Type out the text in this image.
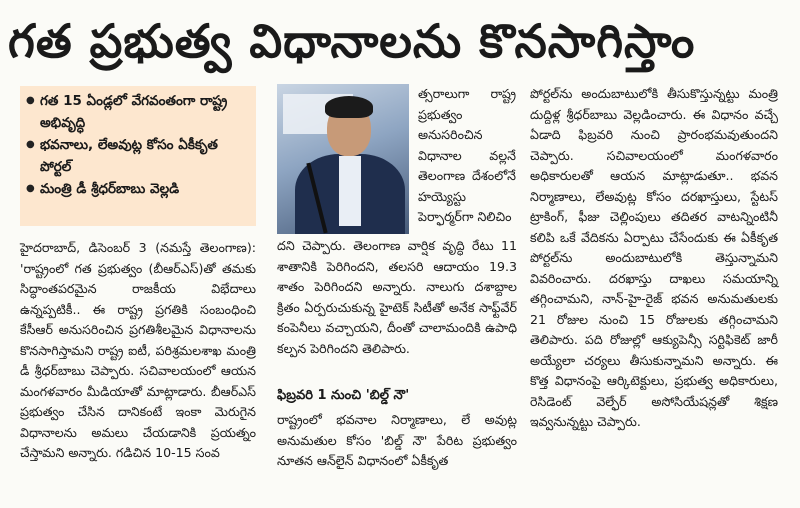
గత ప్రభుత్వ విధానాలను కొనసాగిస్తాం
● గత 15 ఏండ్లలో వేగవంతంగా రాష్ట్ర అభివృద్ధి
● భవనాలు, లేఅవుట్ల కోసం ఏకీకృత పోర్టల్
● మంత్రి డీ శ్రీధర్‌బాబు వెల్లడి

హైదరాబాద్, డిసెంబర్ 3 (నమస్తే తెలంగాణ): 'రాష్ట్రంలో గత ప్రభుత్వం (బీఆర్ఎస్)తో తమకు సిద్ధాంతపరమైన రాజకీయ విభేదాలు ఉన్నప్పటికీ.. ఈ రాష్ట్ర ప్రగతికి సంబంధించి కేసీఆర్ అనుసరించిన ప్రగతిశీలమైన విధానాలను కొనసాగిస్తామని రాష్ట్ర ఐటీ, పరిశ్రమలశాఖ మంత్రి డీ శ్రీధర్‌బాబు చెప్పారు. సచివాలయంలో ఆయన మంగళవారం మీడియాతో మాట్లాడారు. బీఆర్ఎస్ ప్రభుత్వం చేసిన దానికంటే ఇంకా మెరుగైన విధానాలను అమలు చేయడానికి ప్రయత్నం చేస్తామని అన్నారు. గడిచిన 10-15 సంవ

త్సరాలుగా రాష్ట్ర ప్రభుత్వం అనుసరించిన విధానాల వల్లనే తెలంగాణ దేశంలోనే హయ్యెస్టు పెర్ఫార్మర్‌గా నిలిచిం

దని చెప్పారు. తెలంగాణ వార్షిక వృద్ధి రేటు 11 శాతానికి పెరిగిందని, తలసరి ఆదాయం 19.3 శాతం పెరిగిందని అన్నారు. నాలుగు దశాబ్దాల క్రితం ఏర్పరుచుకున్న హైటెక్ సిటీతో అనేక సాఫ్ట్‌వేర్ కంపెనీలు వచ్చాయని, దీంతో చాలామందికి ఉపాధి కల్పన పెరిగిందని తెలిపారు.

ఫిబ్రవరి 1 నుంచి 'బిల్డ్ నౌ'

రాష్ట్రంలో భవనాల నిర్మాణాలు, లే అవుట్ల అనుమతుల కోసం 'బిల్డ్ నౌ' పేరిట ప్రభుత్వం నూతన ఆన్‌లైన్ విధానంలో ఏకీకృత

పోర్టల్‌ను అందుబాటులోకి తీసుకొస్తున్నట్టు మంత్రి దుద్దిళ్ల శ్రీధర్‌బాబు వెల్లడించారు. ఈ విధానం వచ్చే ఏడాది ఫిబ్రవరి నుంచి ప్రారంభమవుతుందని చెప్పారు. సచివాలయంలో మంగళవారం అధికారులతో ఆయన మాట్లాడుతూ.. భవన నిర్మాణాలు, లేఅవుట్ల కోసం దరఖాస్తులు, స్టేటస్ ట్రాకింగ్, ఫీజు చెల్లింపులు తదితర వాటన్నింటినీ కలిపి ఒకే వేదికను ఏర్పాటు చేసేందుకు ఈ ఏకీకృత పోర్టల్‌ను అందుబాటులోకి తెస్తున్నామని వివరించారు. దరఖాస్తు దాఖలు సమయాన్ని తగ్గించామని, నాన్-హై-రైజ్ భవన అనుమతులకు 21 రోజుల నుంచి 15 రోజులకు తగ్గించామని తెలిపారు. పది రోజుల్లో ఆక్యుపెన్సీ సర్టిఫికెట్ జారీ అయ్యేలా చర్యలు తీసుకున్నామని అన్నారు. ఈ కొత్త విధానంపై ఆర్కిటెక్టులు, ప్రభుత్వ అధికారులు, రెసిడెంట్ వెల్ఫేర్ అసోసియేషన్లతో శిక్షణ ఇవ్వనున్నట్టు చెప్పారు.
